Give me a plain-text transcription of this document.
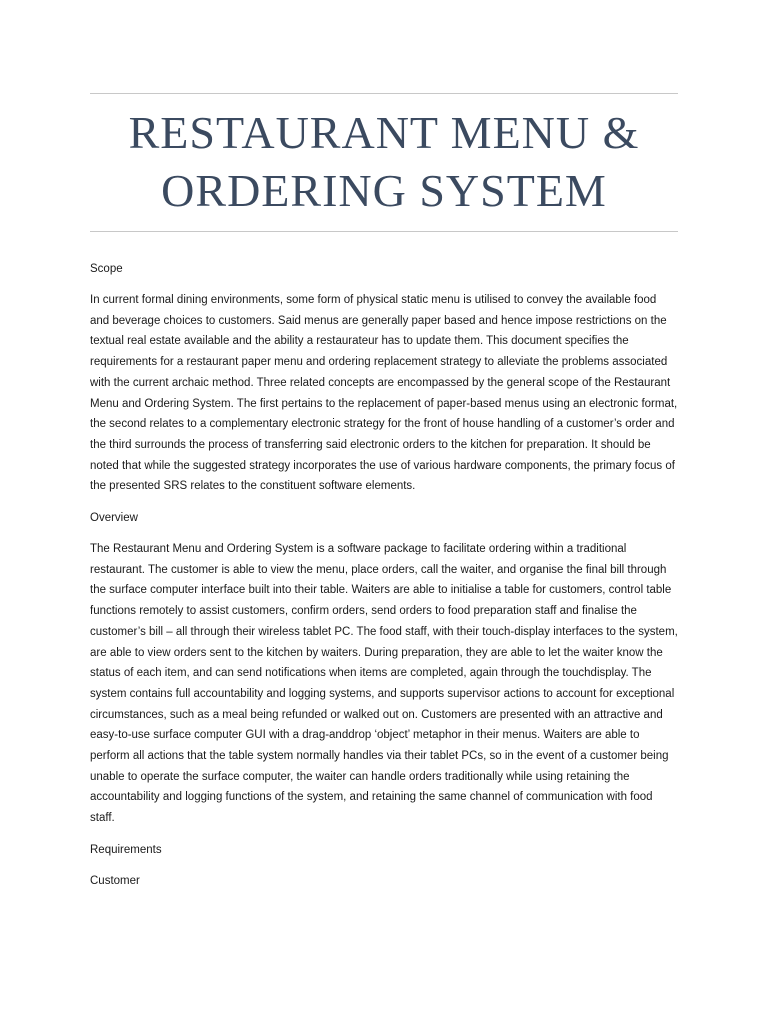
RESTAURANT MENU &
ORDERING SYSTEM

Scope

In current formal dining environments, some form of physical static menu is utilised to convey the available food and beverage choices to customers. Said menus are generally paper based and hence impose restrictions on the textual real estate available and the ability a restaurateur has to update them. This document specifies the requirements for a restaurant paper menu and ordering replacement strategy to alleviate the problems associated with the current archaic method. Three related concepts are encompassed by the general scope of the Restaurant Menu and Ordering System. The first pertains to the replacement of paper-based menus using an electronic format, the second relates to a complementary electronic strategy for the front of house handling of a customer’s order and the third surrounds the process of transferring said electronic orders to the kitchen for preparation. It should be noted that while the suggested strategy incorporates the use of various hardware components, the primary focus of the presented SRS relates to the constituent software elements.

Overview

The Restaurant Menu and Ordering System is a software package to facilitate ordering within a traditional restaurant. The customer is able to view the menu, place orders, call the waiter, and organise the final bill through the surface computer interface built into their table. Waiters are able to initialise a table for customers, control table functions remotely to assist customers, confirm orders, send orders to food preparation staff and finalise the customer’s bill – all through their wireless tablet PC. The food staff, with their touch-display interfaces to the system, are able to view orders sent to the kitchen by waiters. During preparation, they are able to let the waiter know the status of each item, and can send notifications when items are completed, again through the touchdisplay. The system contains full accountability and logging systems, and supports supervisor actions to account for exceptional circumstances, such as a meal being refunded or walked out on. Customers are presented with an attractive and easy-to-use surface computer GUI with a drag-anddrop ‘object’ metaphor in their menus. Waiters are able to perform all actions that the table system normally handles via their tablet PCs, so in the event of a customer being unable to operate the surface computer, the waiter can handle orders traditionally while using retaining the accountability and logging functions of the system, and retaining the same channel of communication with food staff.

Requirements

Customer
